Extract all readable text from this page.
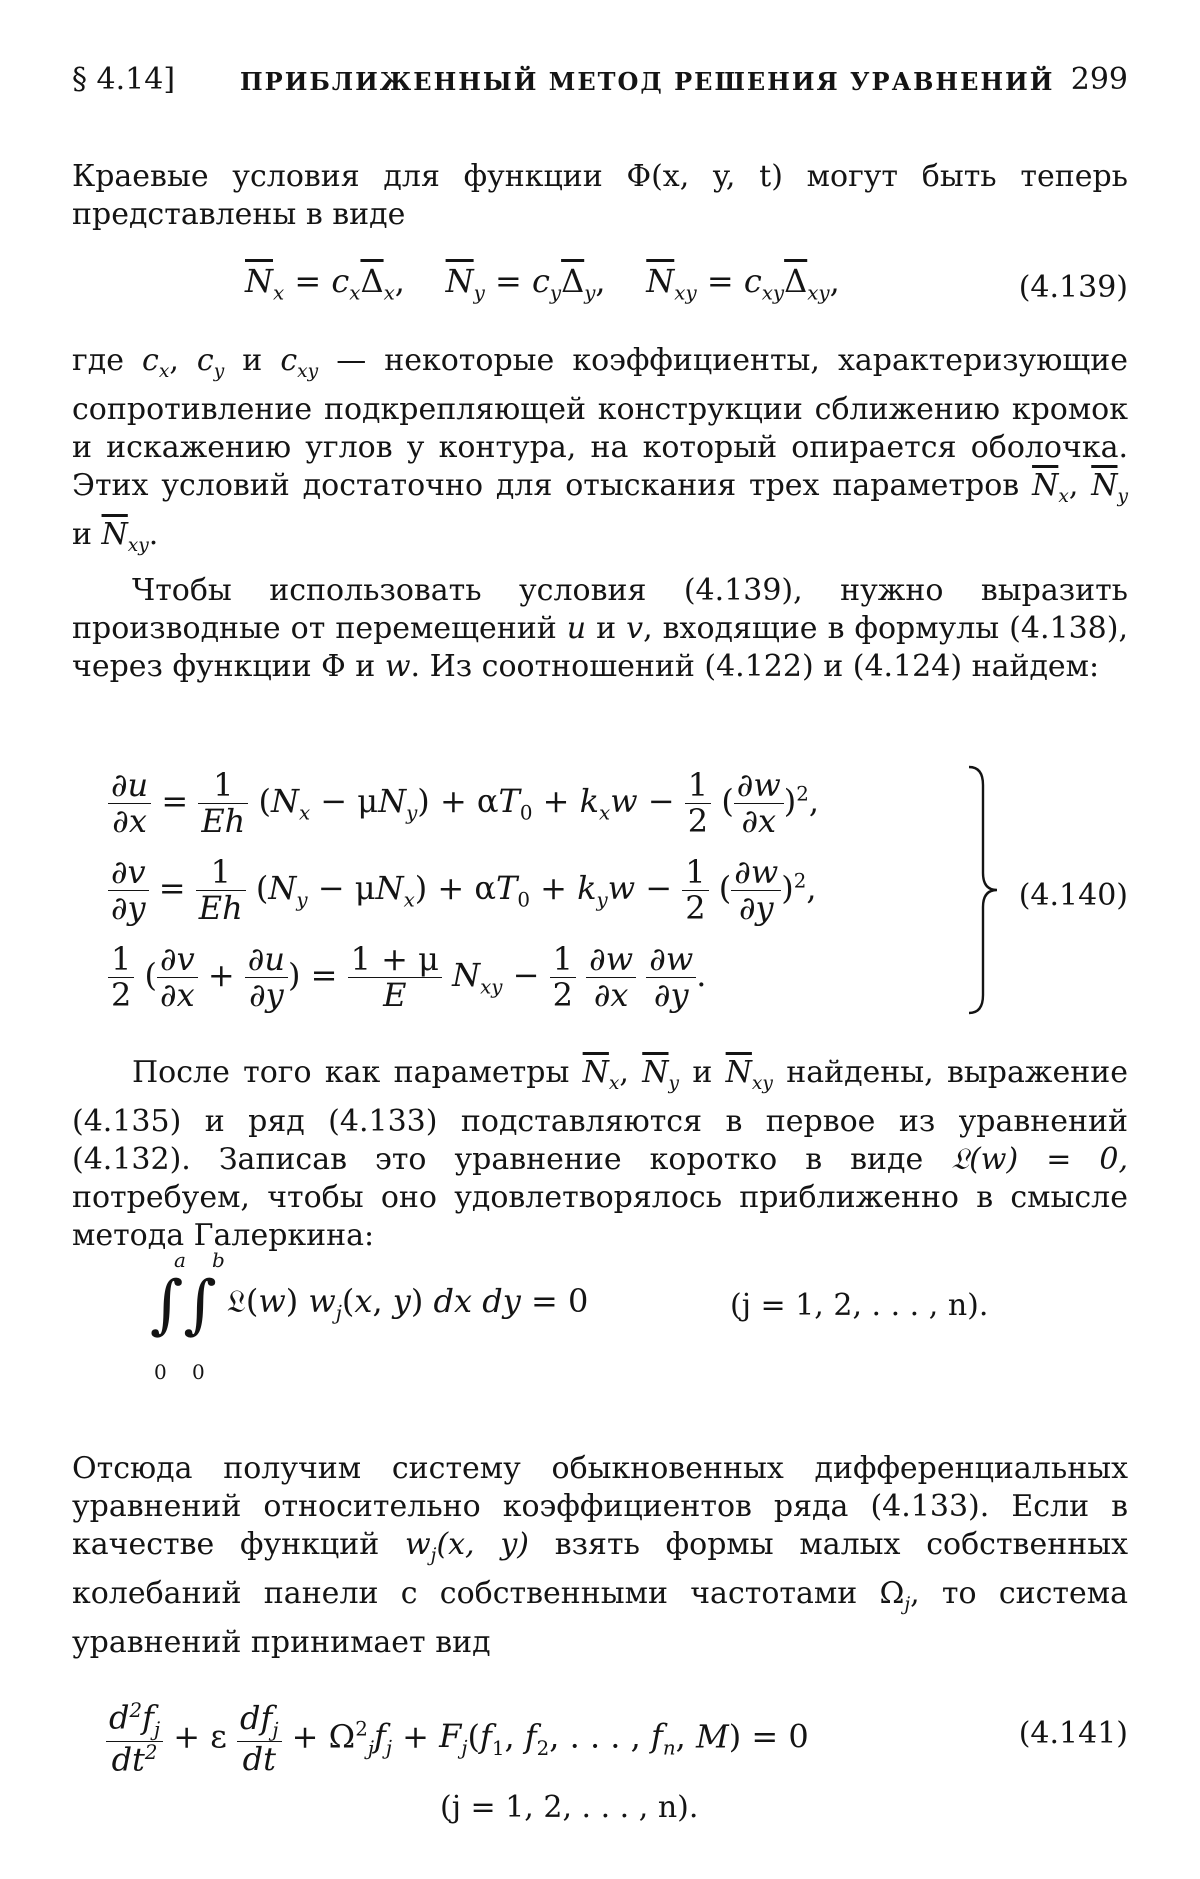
§ 4.14]	ПРИБЛИЖЕННЫЙ МЕТОД РЕШЕНИЯ УРАВНЕНИЙ 299

Краевые условия для функции Φ(x, y, t) могут быть теперь представлены в виде

$\overline{N}_x = c_x\overline{\Delta}_x$,    $\overline{N}_y = c_y\overline{\Delta}_y$,    $\overline{N}_{xy} = c_{xy}\overline{\Delta}_{xy}$,	(4.139)

где $c_x$, $c_y$ и $c_{xy}$ — некоторые коэффициенты, характеризующие сопротивление подкрепляющей конструкции сближению кромок и искажению углов у контура, на который опирается оболочка. Этих условий достаточно для отыскания трех параметров $\overline{N}_x$, $\overline{N}_y$ и $\overline{N}_{xy}$.

Чтобы использовать условия (4.139), нужно выразить производные от перемещений u и v, входящие в формулы (4.138), через функции Φ и w. Из соотношений (4.122) и (4.124) найдем:

$\frac{\partial u}{\partial x} = \frac{1}{Eh} (N_x - \mu N_y) + \alpha T_0 + k_xw - \frac{1}{2}$ ( $\frac{\partial w}{\partial x} )^2$,
$\frac{\partial v}{\partial y} = \frac{1}{Eh} (N_y - \mu N_x) + \alpha T_0 + k_yw - \frac{1}{2}$ ( $\frac{\partial w}{\partial y} )^2$,
$\frac{1}{2}$ ( $\frac{\partial v}{\partial x} + \frac{\partial u}{\partial y}$ ) = $\frac{1 + \mu}{E} N_{xy} - \frac{1}{2}$
$\frac{\partial w}{\partial x}$
$\frac{\partial w}{\partial y}$ .
(4.140)

После того как параметры $\overline{N}_x$, $\overline{N}_y$ и $\overline{N}_{xy}$ найдены, выражение (4.135) и ряд (4.133) подставляются в первое из уравнений (4.132). Записав это уравнение коротко в виде 𝔏(w) = 0, потребуем, чтобы оно удовлетворялось приближенно в смысле метода Галеркина:

a b
0 0
∫∫ 𝔏(w) $w_j(x$, y) dx dy = 0	(j = 1, 2, . . . , n).

Отсюда получим систему обыкновенных дифференциальных уравнений относительно коэффициентов ряда (4.133). Если в качестве функций $w_j(x$, y) взять формы малых собственных колебаний панели с собственными частотами $\Omega_j$, то система уравнений принимает вид

$\frac{d^2f_j}{dt^2} + \varepsilon \frac{df_j}{dt} + \Omega^2_jf_j + F_j(f_1$, $f_2$, . . . , $f_n$, M) = 0	(4.141)
(j = 1, 2, . . . , n).
